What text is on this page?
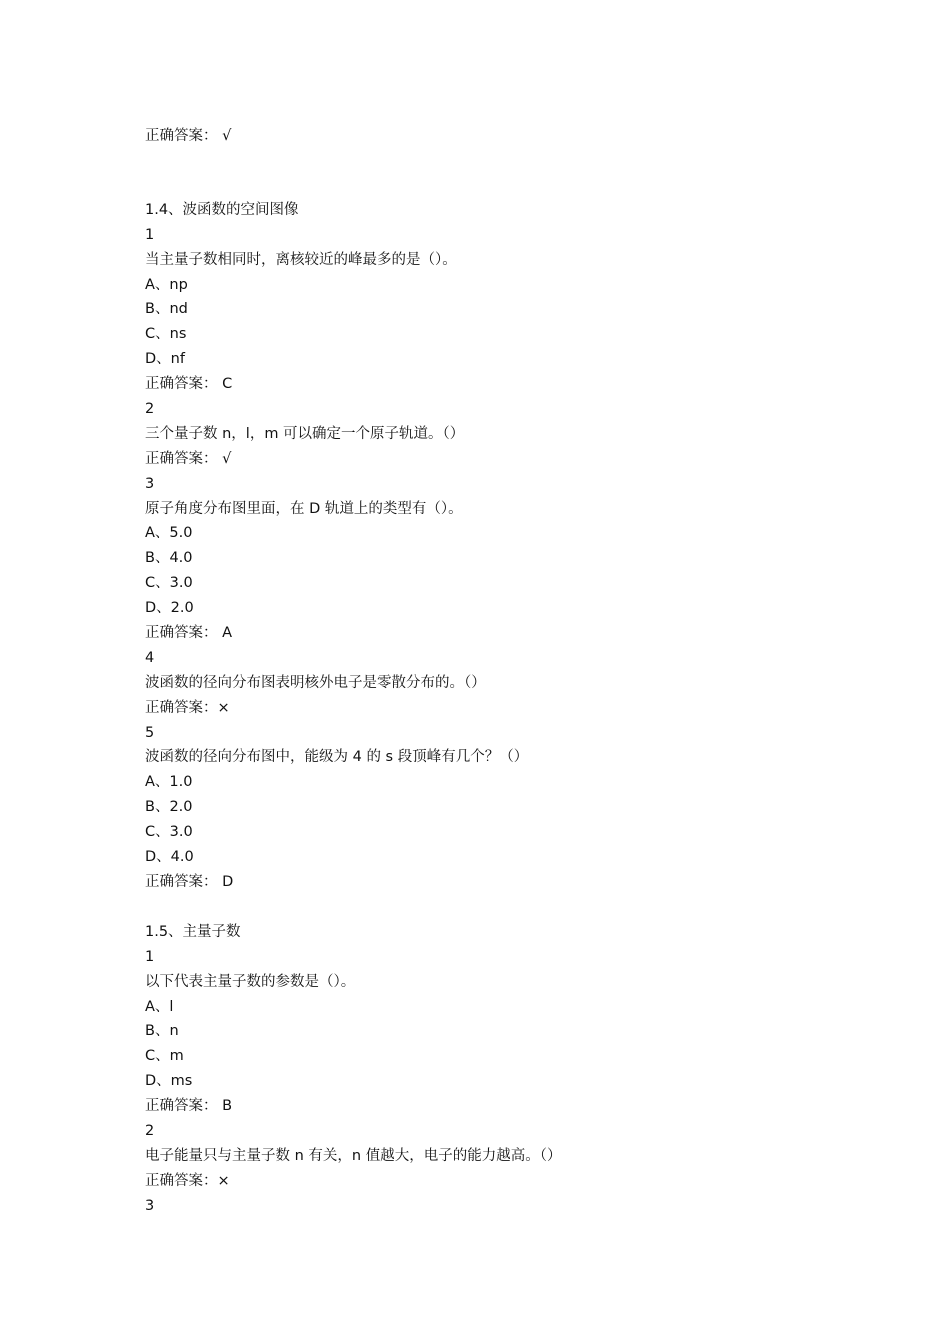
正确答案： √
1.4、波函数的空间图像
1
当主量子数相同时，离核较近的峰最多的是（）。
A、np
B、nd
C、ns
D、nf
正确答案： C
2
三个量子数 n，l，m 可以确定一个原子轨道。（）
正确答案： √
3
原子角度分布图里面，在 D 轨道上的类型有（）。
A、5.0
B、4.0
C、3.0
D、2.0
正确答案： A
4
波函数的径向分布图表明核外电子是零散分布的。（）
正确答案：×
5
波函数的径向分布图中，能级为 4 的 s 段顶峰有几个？（）
A、1.0
B、2.0
C、3.0
D、4.0
正确答案： D
1.5、主量子数
1
以下代表主量子数的参数是（）。
A、l
B、n
C、m
D、ms
正确答案： B
2
电子能量只与主量子数 n 有关，n 值越大，电子的能力越高。（）
正确答案：×
3
